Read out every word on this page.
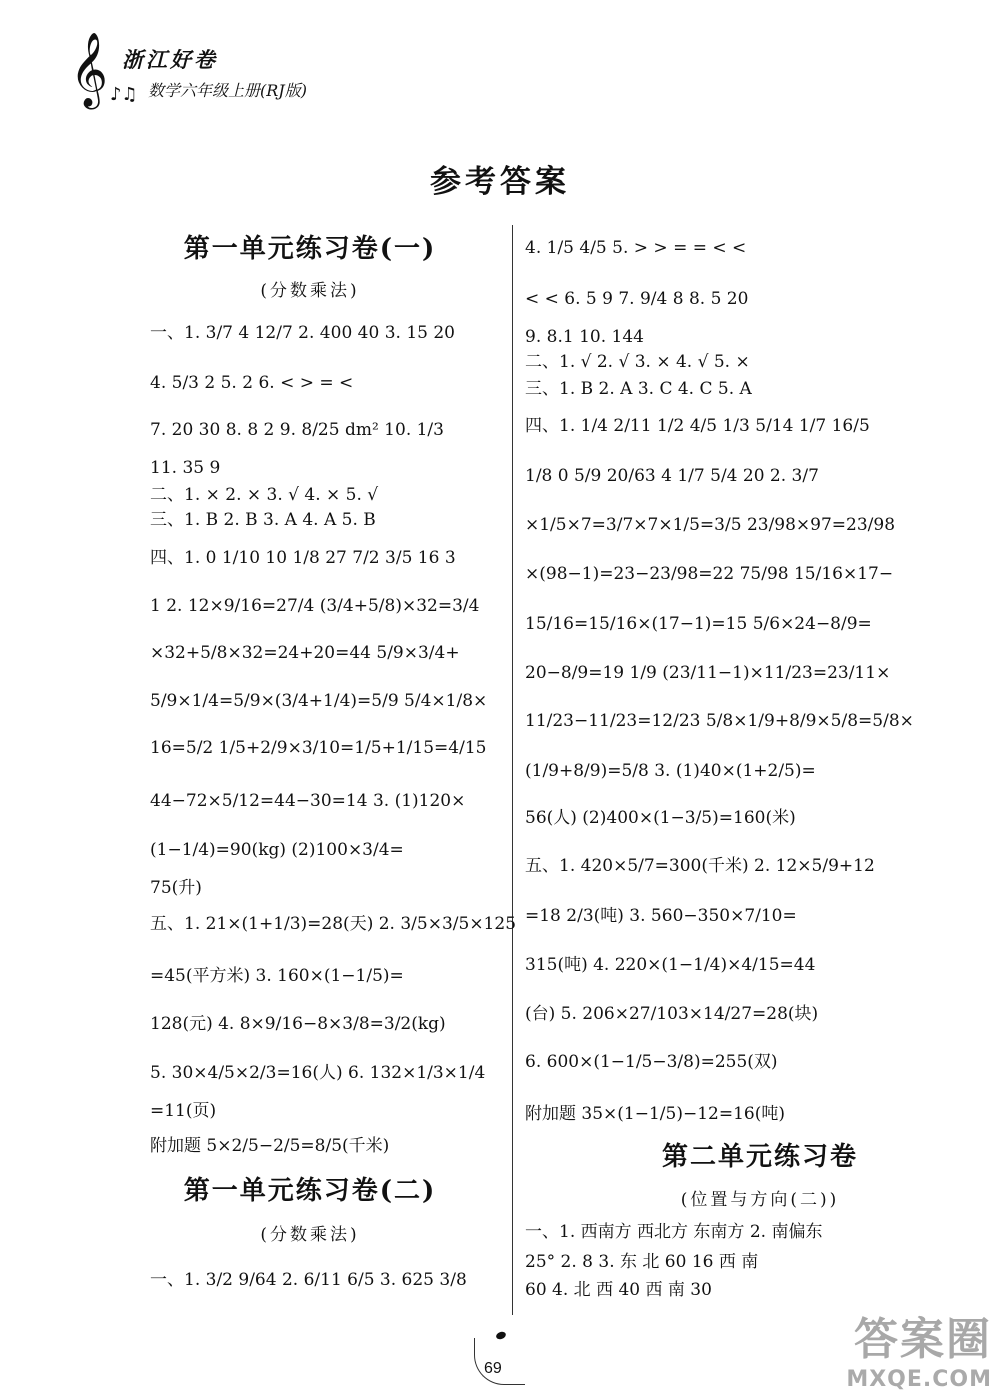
𝄞 ♪♫
浙江好卷
数学六年级上册(RJ版)
参考答案
第一单元练习卷(一)
(分数乘法)
第一单元练习卷(二)
(分数乘法)
第二单元练习卷
(位置与方向(二))
一、1. 3/7 4 12/7 2. 400 40 3. 15 20
4. 5/3 2 5. 2 6. < > = <
7. 20 30 8. 8 2 9. 8/25 dm² 10. 1/3
11. 35 9
二、1. × 2. × 3. √ 4. × 5. √
三、1. B 2. B 3. A 4. A 5. B
四、1. 0 1/10 10 1/8 27 7/2 3/5 16 3
1 2. 12×9/16=27/4 (3/4+5/8)×32=3/4
×32+5/8×32=24+20=44 5/9×3/4+
5/9×1/4=5/9×(3/4+1/4)=5/9 5/4×1/8×
16=5/2 1/5+2/9×3/10=1/5+1/15=4/15
44−72×5/12=44−30=14 3. (1)120×
(1−1/4)=90(kg) (2)100×3/4=
75(升)
五、1. 21×(1+1/3)=28(天) 2. 3/5×3/5×125
=45(平方米) 3. 160×(1−1/5)=
128(元) 4. 8×9/16−8×3/8=3/2(kg)
5. 30×4/5×2/3=16(人) 6. 132×1/3×1/4
=11(页)
附加题 5×2/5−2/5=8/5(千米)
一、1. 3/2 9/64 2. 6/11 6/5 3. 625 3/8
4. 1/5 4/5 5. > > = = < <
< < 6. 5 9 7. 9/4 8 8. 5 20
9. 8.1 10. 144
二、1. √ 2. √ 3. × 4. √ 5. ×
三、1. B 2. A 3. C 4. C 5. A
四、1. 1/4 2/11 1/2 4/5 1/3 5/14 1/7 16/5
1/8 0 5/9 20/63 4 1/7 5/4 20 2. 3/7
×1/5×7=3/7×7×1/5=3/5 23/98×97=23/98
×(98−1)=23−23/98=22 75/98 15/16×17−
15/16=15/16×(17−1)=15 5/6×24−8/9=
20−8/9=19 1/9 (23/11−1)×11/23=23/11×
11/23−11/23=12/23 5/8×1/9+8/9×5/8=5/8×
(1/9+8/9)=5/8 3. (1)40×(1+2/5)=
56(人) (2)400×(1−3/5)=160(米)
五、1. 420×5/7=300(千米) 2. 12×5/9+12
=18 2/3(吨) 3. 560−350×7/10=
315(吨) 4. 220×(1−1/4)×4/15=44
(台) 5. 206×27/103×14/27=28(块)
6. 600×(1−1/5−3/8)=255(双)
附加题 35×(1−1/5)−12=16(吨)
一、1. 西南方 西北方 东南方 2. 南偏东
25° 2. 8 3. 东 北 60 16 西 南
60 4. 北 西 40 西 南 30
69
答案圈
MXQE.COM
